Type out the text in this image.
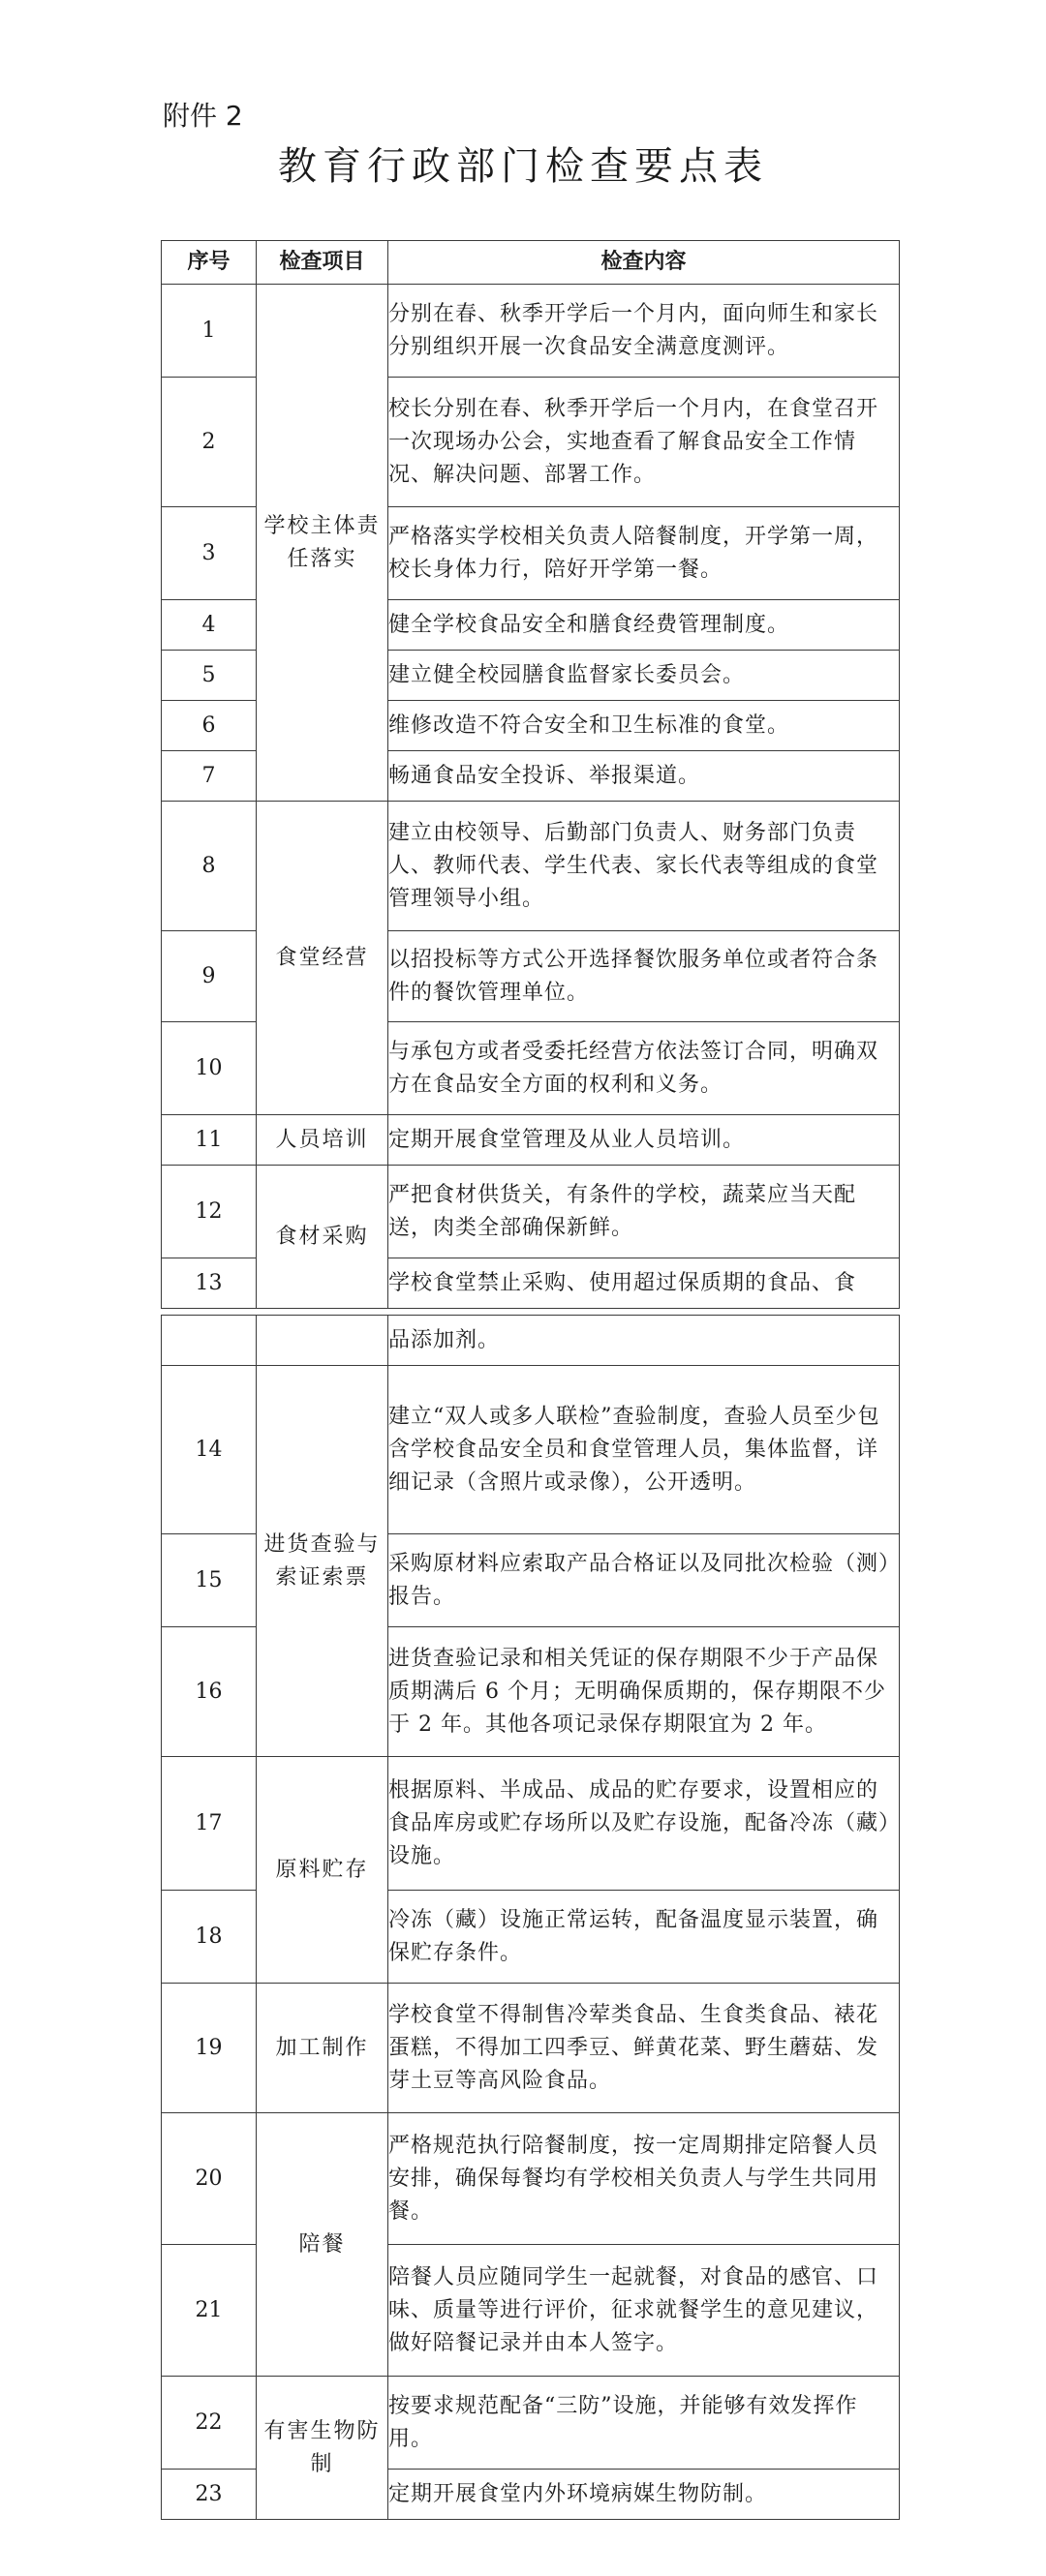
附件 2
教育行政部门检查要点表
序号	检查项目	检查内容
1	学校主体责任落实	分别在春、秋季开学后一个月内，面向师生和家长分别组织开展一次食品安全满意度测评。
2		校长分别在春、秋季开学后一个月内，在食堂召开一次现场办公会，实地查看了解食品安全工作情况、解决问题、部署工作。
3		严格落实学校相关负责人陪餐制度，开学第一周，校长身体力行，陪好开学第一餐。
4		健全学校食品安全和膳食经费管理制度。
5		建立健全校园膳食监督家长委员会。
6		维修改造不符合安全和卫生标准的食堂。
7		畅通食品安全投诉、举报渠道。
8	食堂经营	建立由校领导、后勤部门负责人、财务部门负责人、教师代表、学生代表、家长代表等组成的食堂管理领导小组。
9		以招投标等方式公开选择餐饮服务单位或者符合条件的餐饮管理单位。
10		与承包方或者受委托经营方依法签订合同，明确双方在食品安全方面的权利和义务。
11	人员培训	定期开展食堂管理及从业人员培训。
12	食材采购	严把食材供货关，有条件的学校，蔬菜应当天配送，肉类全部确保新鲜。
13		学校食堂禁止采购、使用超过保质期的食品、食
		品添加剂。
14	进货查验与索证索票	建立“双人或多人联检”查验制度，查验人员至少包含学校食品安全员和食堂管理人员，集体监督，详细记录（含照片或录像），公开透明。
15		采购原材料应索取产品合格证以及同批次检验（测）报告。
16		进货查验记录和相关凭证的保存期限不少于产品保质期满后 6 个月；无明确保质期的，保存期限不少于 2 年。其他各项记录保存期限宜为 2 年。
17	原料贮存	根据原料、半成品、成品的贮存要求，设置相应的食品库房或贮存场所以及贮存设施，配备冷冻（藏）设施。
18		冷冻（藏）设施正常运转，配备温度显示装置，确保贮存条件。
19	加工制作	学校食堂不得制售冷荤类食品、生食类食品、裱花蛋糕，不得加工四季豆、鲜黄花菜、野生蘑菇、发芽土豆等高风险食品。
20	陪餐	严格规范执行陪餐制度，按一定周期排定陪餐人员安排，确保每餐均有学校相关负责人与学生共同用餐。
21		陪餐人员应随同学生一起就餐，对食品的感官、口味、质量等进行评价，征求就餐学生的意见建议，做好陪餐记录并由本人签字。
22	有害生物防制	按要求规范配备“三防”设施，并能够有效发挥作用。
23		定期开展食堂内外环境病媒生物防制。
